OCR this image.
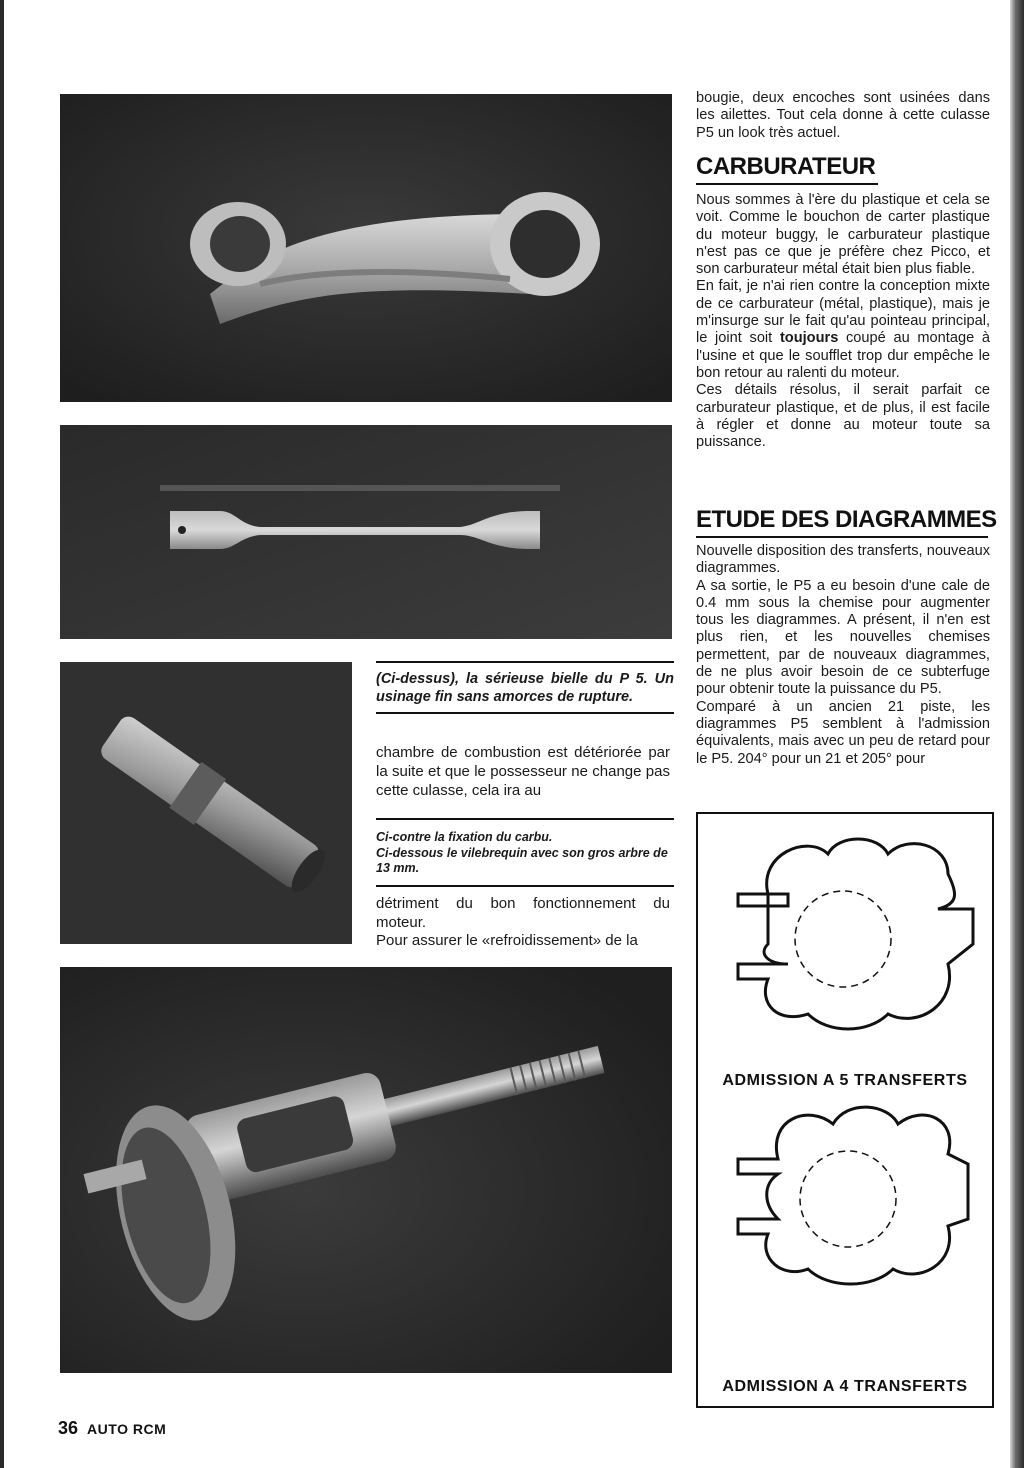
(Ci-dessus), la sérieuse bielle du P 5. Un usinage fin sans amorces de rupture.

chambre de combustion est détériorée par la suite et que le possesseur ne change pas cette culasse, cela ira au

Ci-contre la fixation du carbu.

Ci-dessous le vilebrequin avec son gros arbre de 13 mm.

détriment du bon fonctionnement du moteur.

Pour assurer le «refroidissement» de la

bougie, deux encoches sont usinées dans les ailettes. Tout cela donne à cette culasse P5 un look très actuel.

CARBURATEUR

Nous sommes à l'ère du plastique et cela se voit. Comme le bouchon de carter plastique du moteur buggy, le carburateur plastique n'est pas ce que je préfère chez Picco, et son carburateur métal était bien plus fiable.

En fait, je n'ai rien contre la conception mixte de ce carburateur (métal, plastique), mais je m'insurge sur le fait qu'au pointeau principal, le joint soit toujours coupé au montage à l'usine et que le soufflet trop dur empêche le bon retour au ralenti du moteur.

Ces détails résolus, il serait parfait ce carburateur plastique, et de plus, il est facile à régler et donne au moteur toute sa puissance.

ETUDE DES DIAGRAMMES

Nouvelle disposition des transferts, nouveaux diagrammes.

A sa sortie, le P5 a eu besoin d'une cale de 0.4 mm sous la chemise pour augmenter tous les diagrammes. A présent, il n'en est plus rien, et les nouvelles chemises permettent, par de nouveaux diagrammes, de ne plus avoir besoin de ce subterfuge pour obtenir toute la puissance du P5.

Comparé à un ancien 21 piste, les diagrammes P5 semblent à l'admission équivalents, mais avec un peu de retard pour le P5. 204° pour un 21 et 205° pour

ADMISSION A 5 TRANSFERTS
ADMISSION A 4 TRANSFERTS
36 AUTO RCM
